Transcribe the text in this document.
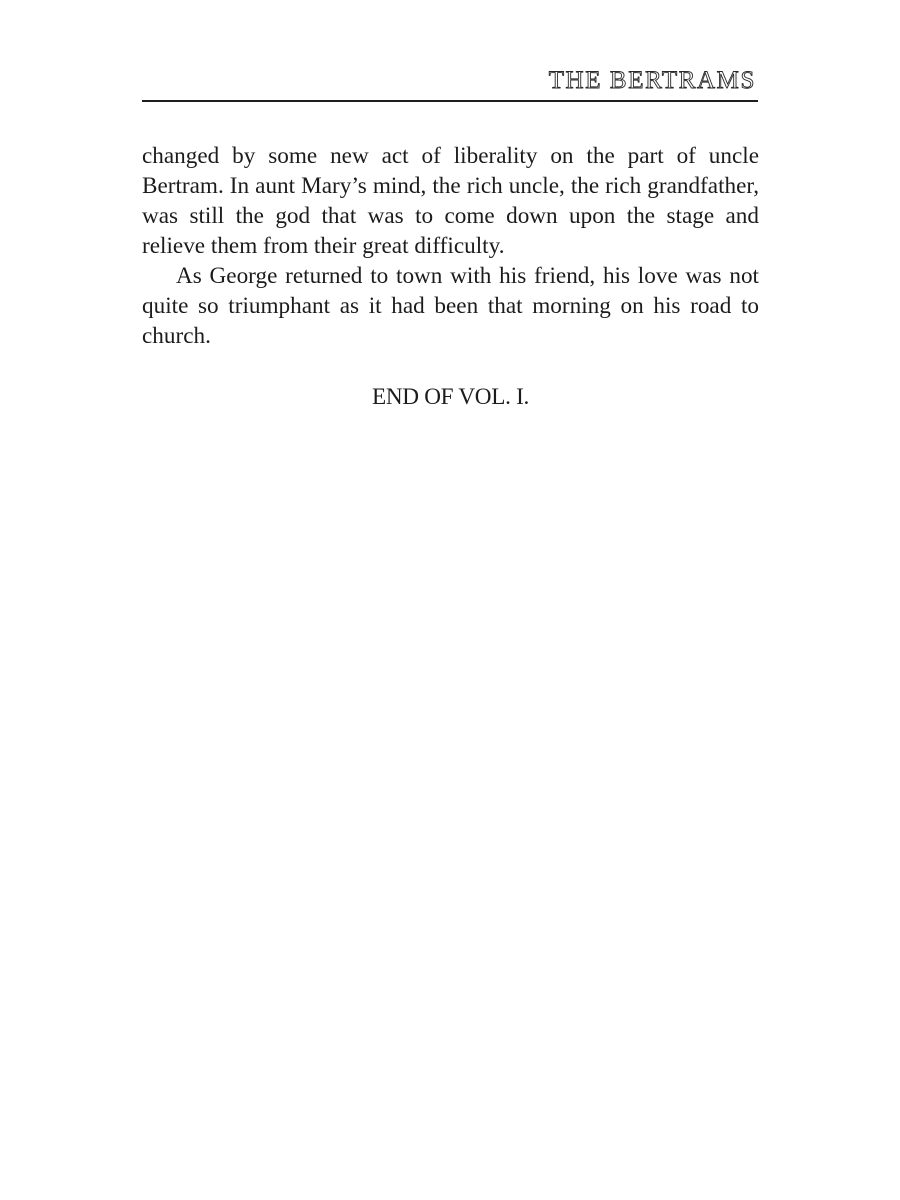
THE BERTRAMS

changed by some new act of liberality on the part of uncle Bertram. In aunt Mary’s mind, the rich uncle, the rich grandfather, was still the god that was to come down upon the stage and relieve them from their great difficulty.

As George returned to town with his friend, his love was not quite so triumphant as it had been that morning on his road to church.

END OF VOL. I.
